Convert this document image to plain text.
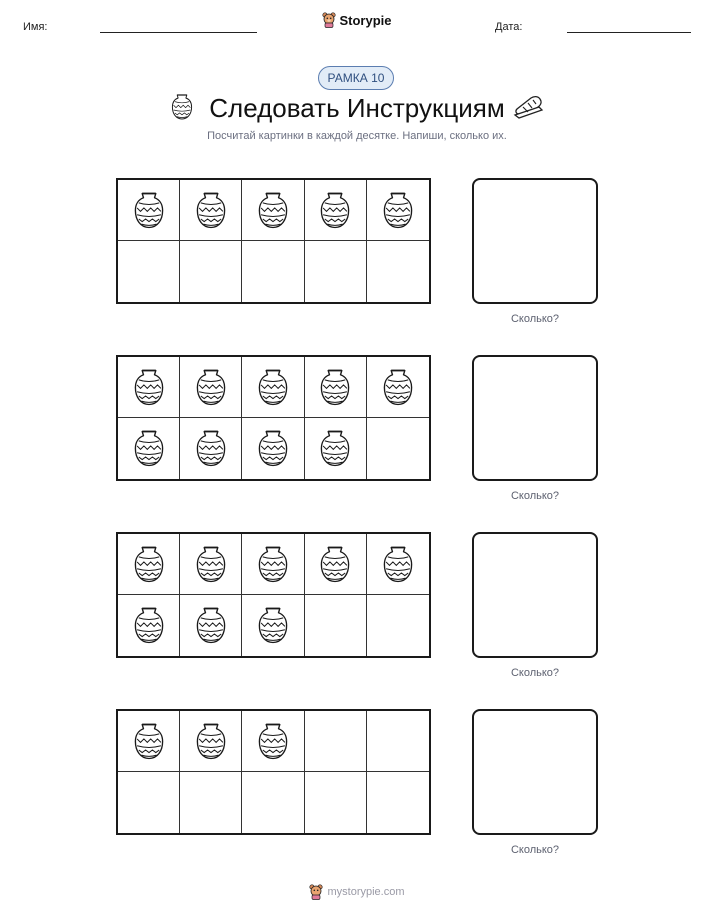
Имя:	Storypie	Дата:
РАМКА 10
Следовать Инструкциям
Посчитай картинки в каждой десятке. Напиши, сколько их.
Сколько?
Сколько?
Сколько?
Сколько?
mystorypie.com
